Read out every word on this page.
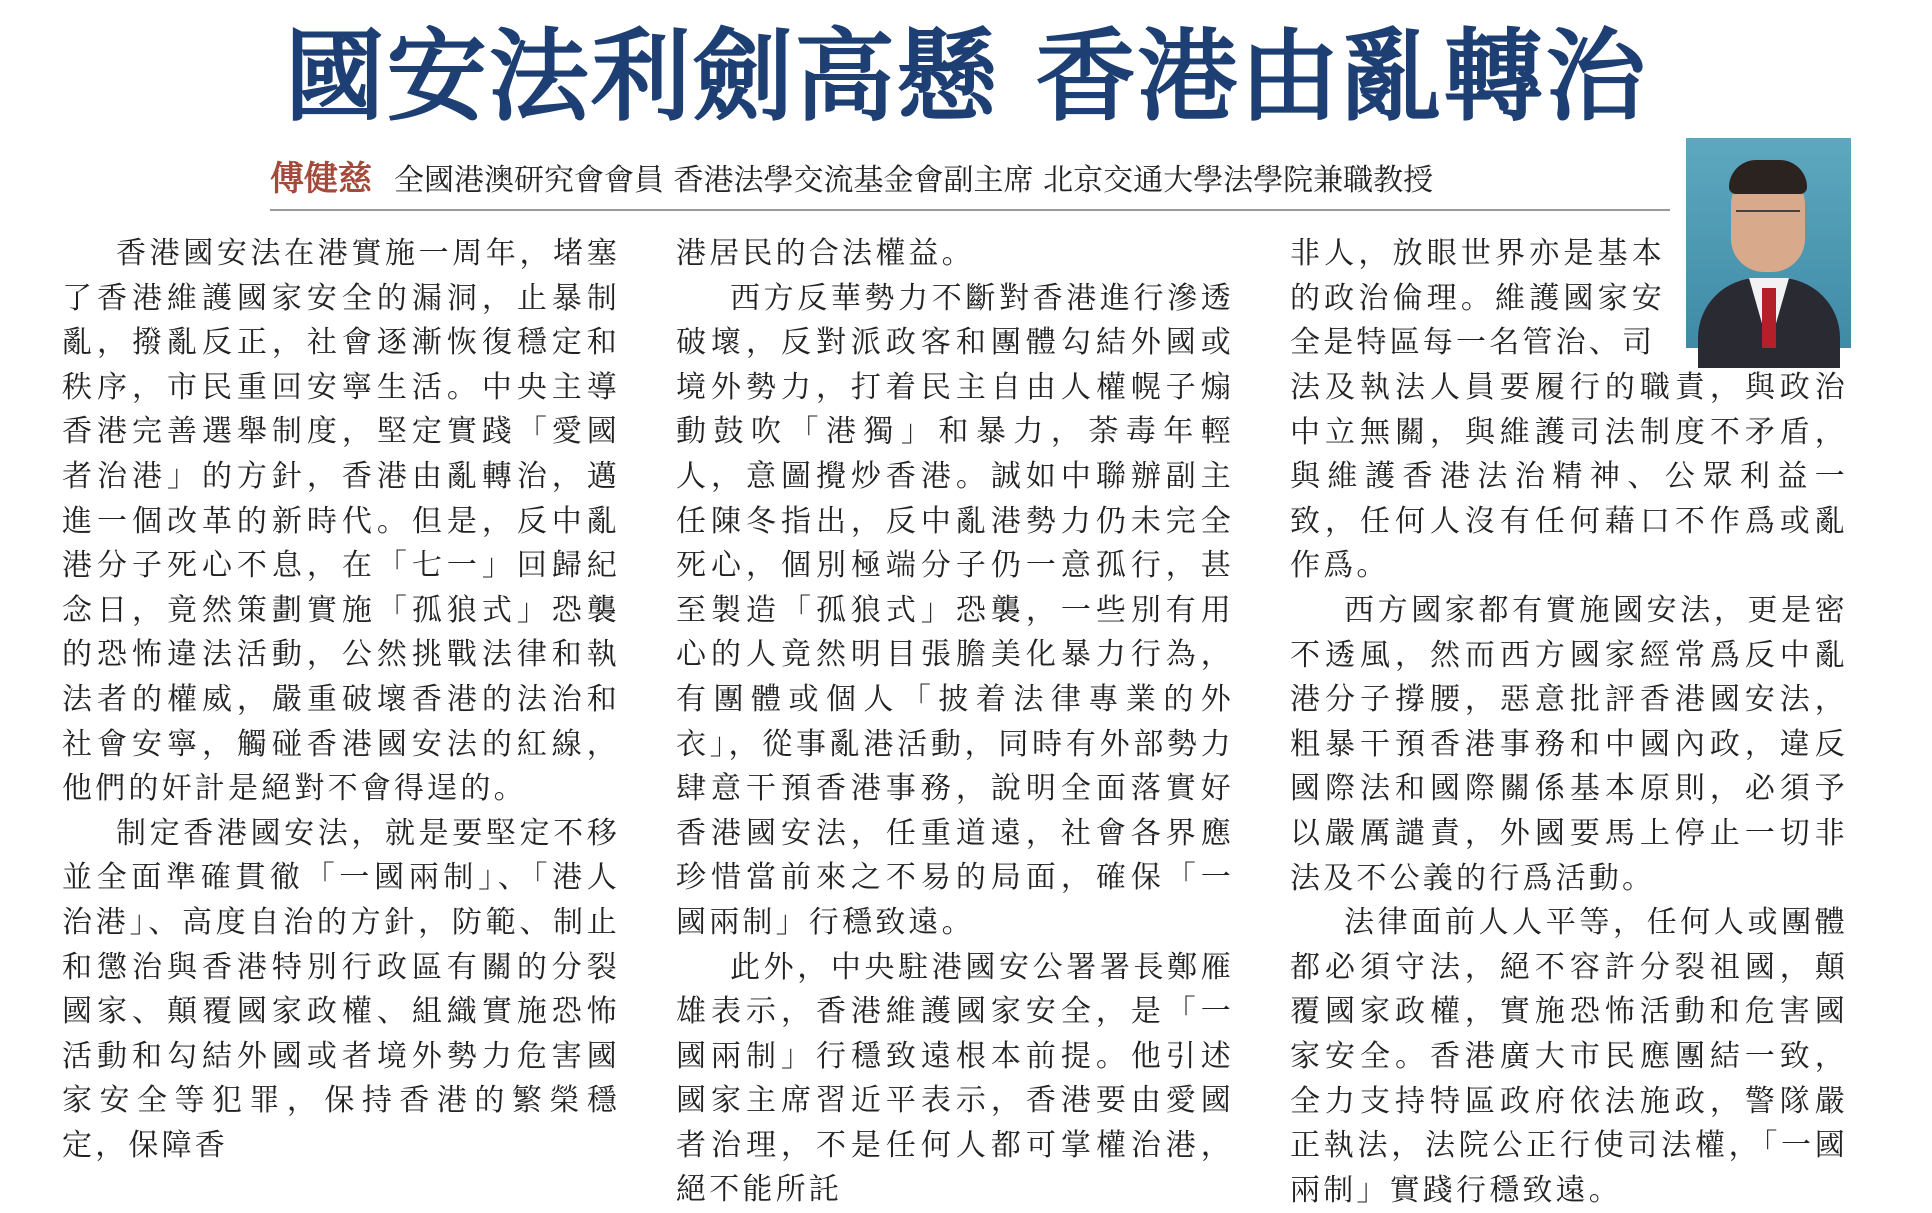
國安法利劍高懸 香港由亂轉治
傅健慈 全國港澳研究會會員 香港法學交流基金會副主席 北京交通大學法學院兼職教授

香港國安法在港實施一周年，堵塞了香港維護國家安全的漏洞，止暴制亂，撥亂反正，社會逐漸恢復穩定和秩序，市民重回安寧生活。中央主導香港完善選舉制度，堅定實踐「愛國者治港」的方針，香港由亂轉治，邁進一個改革的新時代。但是，反中亂港分子死心不息，在「七一」回歸紀念日，竟然策劃實施「孤狼式」恐襲的恐怖違法活動，公然挑戰法律和執法者的權威，嚴重破壞香港的法治和社會安寧，觸碰香港國安法的紅線，他們的奸計是絕對不會得逞的。

制定香港國安法，就是要堅定不移並全面準確貫徹「一國兩制」、「港人治港」、高度自治的方針，防範、制止和懲治與香港特別行政區有關的分裂國家、顛覆國家政權、組織實施恐怖活動和勾結外國或者境外勢力危害國家安全等犯罪，保持香港的繁榮穩定，保障香

港居民的合法權益。

西方反華勢力不斷對香港進行滲透破壞，反對派政客和團體勾結外國或境外勢力，打着民主自由人權幌子煽動鼓吹「港獨」和暴力，荼毒年輕人，意圖攪炒香港。誠如中聯辦副主任陳冬指出，反中亂港勢力仍未完全死心，個別極端分子仍一意孤行，甚至製造「孤狼式」恐襲，一些別有用心的人竟然明目張膽美化暴力行為，有團體或個人「披着法律專業的外衣」，從事亂港活動，同時有外部勢力肆意干預香港事務，說明全面落實好香港國安法，任重道遠，社會各界應珍惜當前來之不易的局面，確保「一國兩制」行穩致遠。

此外，中央駐港國安公署署長鄭雁雄表示，香港維護國家安全，是「一國兩制」行穩致遠根本前提。他引述國家主席習近平表示，香港要由愛國者治理，不是任何人都可掌權治港，絕不能所託

非人，放眼世界亦是基本的政治倫理。維護國家安全是特區每一名管治、司

法及執法人員要履行的職責，與政治中立無關，與維護司法制度不矛盾，與維護香港法治精神、公眾利益一致，任何人沒有任何藉口不作爲或亂作爲。

西方國家都有實施國安法，更是密不透風，然而西方國家經常爲反中亂港分子撐腰，惡意批評香港國安法，粗暴干預香港事務和中國內政，違反國際法和國際關係基本原則，必須予以嚴厲譴責，外國要馬上停止一切非法及不公義的行爲活動。

法律面前人人平等，任何人或團體都必須守法，絕不容許分裂祖國，顛覆國家政權，實施恐怖活動和危害國家安全。香港廣大市民應團結一致，全力支持特區政府依法施政，警隊嚴正執法，法院公正行使司法權，「一國兩制」實踐行穩致遠。
